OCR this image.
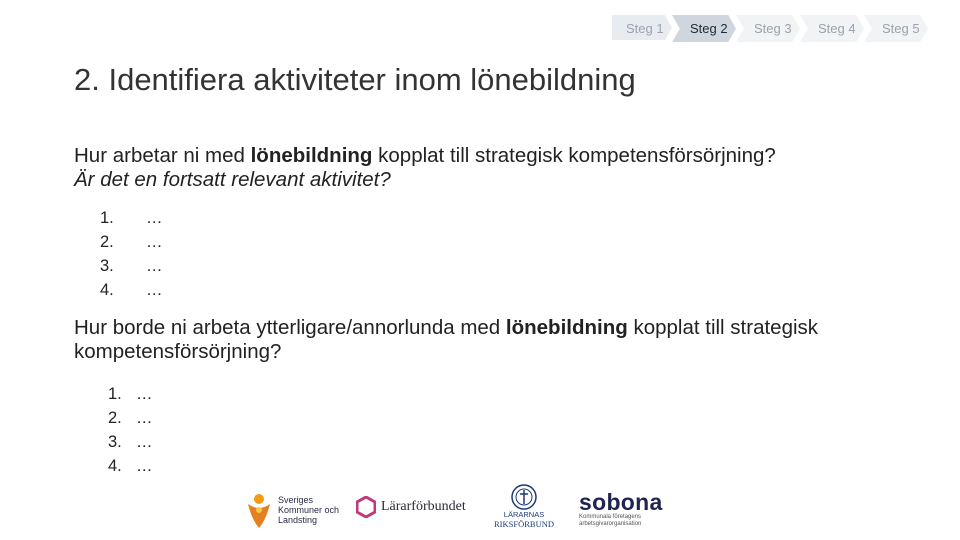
Steg 1	Steg 2	Steg 3	Steg 4	Steg 5
2. Identifiera aktiviteter inom lönebildning

Hur arbetar ni med lönebildning kopplat till strategisk kompetensförsörjning?
Är det en fortsatt relevant aktivitet?

1.	…
2.	…
3.	…
4.	…

Hur borde ni arbeta ytterligare/annorlunda med lönebildning kopplat till strategisk kompetensförsörjning?

1. …
2. …
3. …
4. …
Sveriges Kommuner och Landsting
Lärarförbundet
LÄRARNAS
RIKSFÖRBUND
sobona
Kommunala företagens arbetsgivarorganisation
